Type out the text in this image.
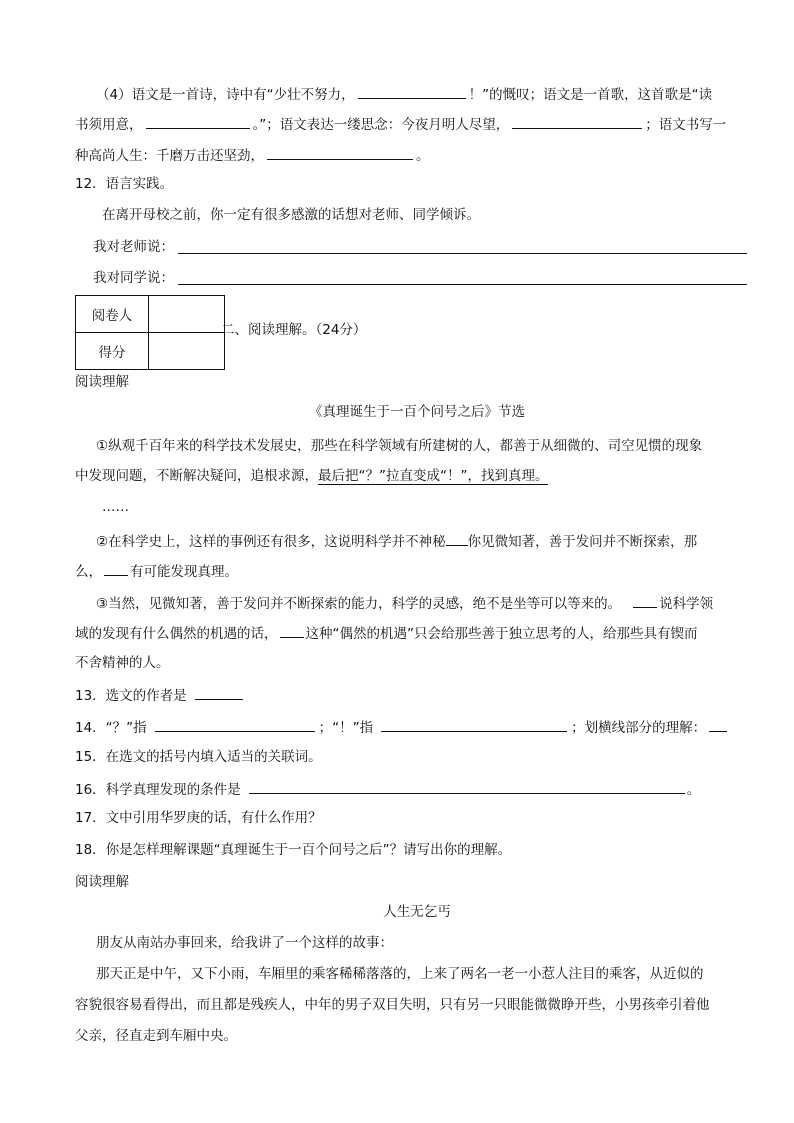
（4）语文是一首诗，诗中有“少壮不努力，	！”的慨叹；语文是一首歌，这首歌是“读
书须用意，	。”；语文表达一缕思念：今夜月明人尽望，	；语文书写一
种高尚人生：千磨万击还坚劲，	。
12．语言实践。
在离开母校之前，你一定有很多感激的话想对老师、同学倾诉。
我对老师说：
我对同学说：
阅卷人	
得分	
二、阅读理解。（24分）
阅读理解
《真理诞生于一百个问号之后》节选
①纵观千百年来的科学技术发展史，那些在科学领域有所建树的人，都善于从细微的、司空见惯的现象
中发现问题，不断解决疑问，追根求源，最后把“？”拉直变成“！”，找到真理。
……
②在科学史上，这样的事例还有很多，这说明科学并不神秘 你见微知著，善于发问并不断探索，那
么， 有可能发现真理。
③当然，见微知著，善于发问并不断探索的能力，科学的灵感，绝不是坐等可以等来的。	说科学领
域的发现有什么偶然的机遇的话， 这种“偶然的机遇”只会给那些善于独立思考的人，给那些具有锲而
不舍精神的人。
13．选文的作者是
14．“？”指	；“！”指	；划横线部分的理解：
15．在选文的括号内填入适当的关联词。
16．科学真理发现的条件是	。
17．文中引用华罗庚的话，有什么作用？
18．你是怎样理解课题“真理诞生于一百个问号之后”？请写出你的理解。
阅读理解
人生无乞丐
朋友从南站办事回来，给我讲了一个这样的故事：
那天正是中午，又下小雨，车厢里的乘客稀稀落落的，上来了两名一老一小惹人注目的乘客，从近似的
容貌很容易看得出，而且都是残疾人，中年的男子双目失明，只有另一只眼能微微睁开些，小男孩牵引着他
父亲，径直走到车厢中央。
